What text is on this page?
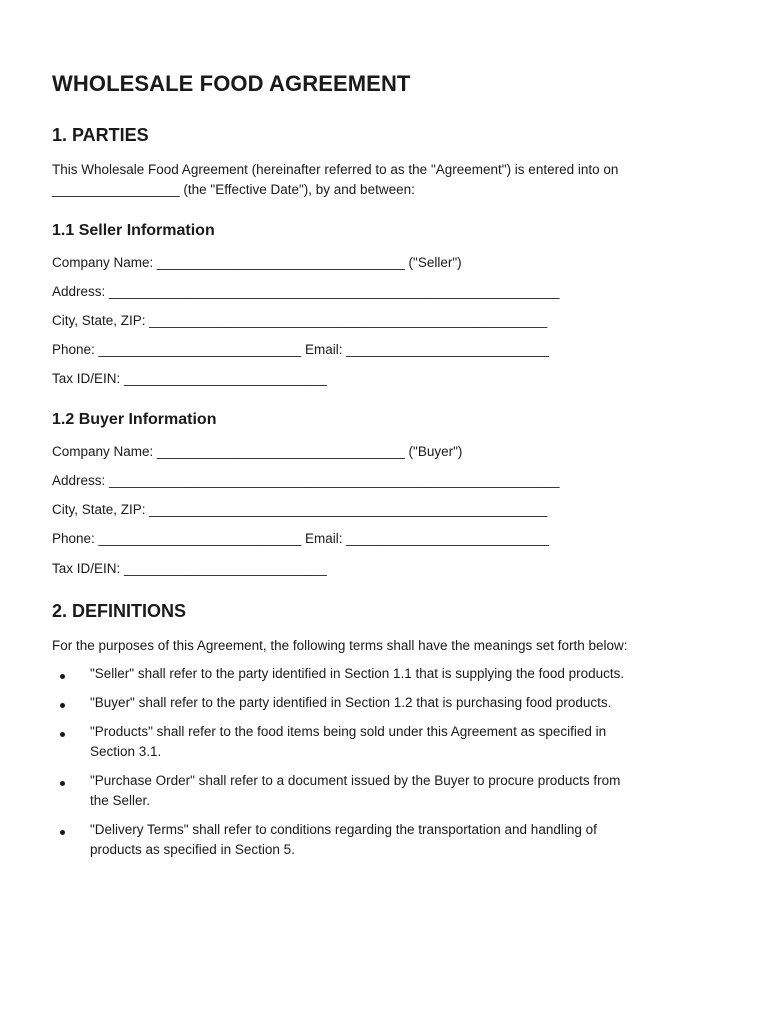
WHOLESALE FOOD AGREEMENT
1. PARTIES

This Wholesale Food Agreement (hereinafter referred to as the "Agreement") is entered into on
_________________ (the "Effective Date"), by and between:

1.1 Seller Information
Company Name: _________________________________ ("Seller")
Address: ____________________________________________________________
City, State, ZIP: _____________________________________________________
Phone: ___________________________ Email: ___________________________
Tax ID/EIN: ___________________________
1.2 Buyer Information
Company Name: _________________________________ ("Buyer")
Address: ____________________________________________________________
City, State, ZIP: _____________________________________________________
Phone: ___________________________ Email: ___________________________
Tax ID/EIN: ___________________________
2. DEFINITIONS

For the purposes of this Agreement, the following terms shall have the meanings set forth below:

"Seller" shall refer to the party identified in Section 1.1 that is supplying the food products.
"Buyer" shall refer to the party identified in Section 1.2 that is purchasing food products.
"Products" shall refer to the food items being sold under this Agreement as specified in
Section 3.1.
"Purchase Order" shall refer to a document issued by the Buyer to procure products from
the Seller.
"Delivery Terms" shall refer to conditions regarding the transportation and handling of
products as specified in Section 5.
